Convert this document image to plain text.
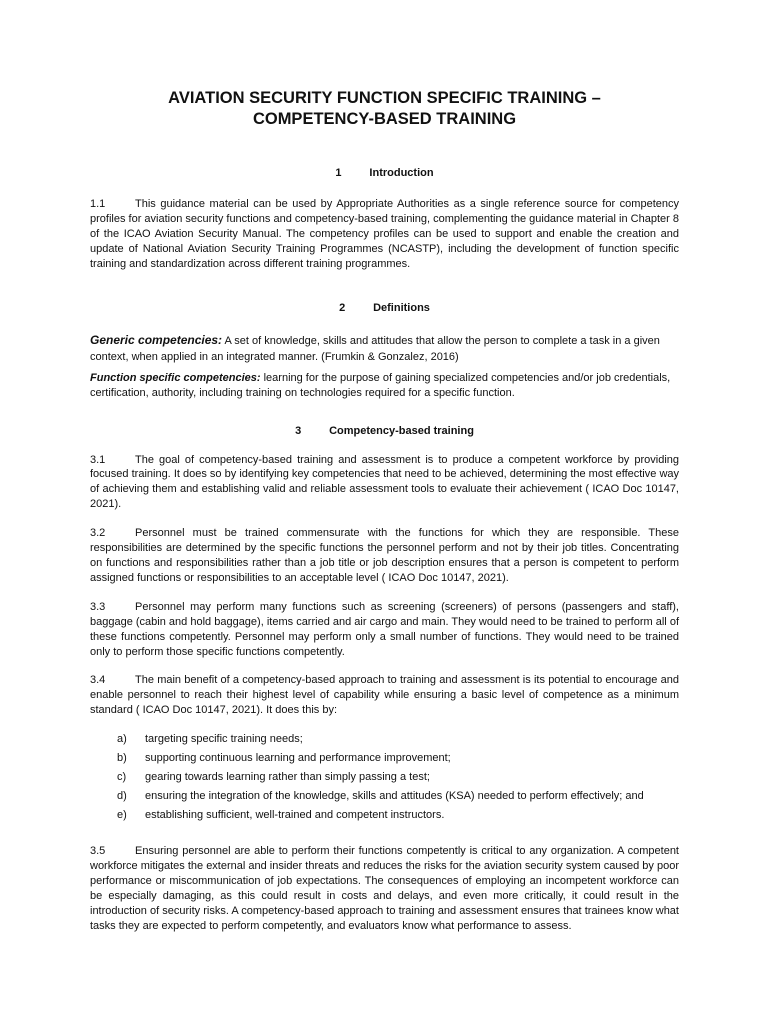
AVIATION SECURITY FUNCTION SPECIFIC TRAINING –
COMPETENCY-BASED TRAINING
1	Introduction

1.1	This guidance material can be used by Appropriate Authorities as a single reference source for competency profiles for aviation security functions and competency-based training, complementing the guidance material in Chapter 8 of the ICAO Aviation Security Manual. The competency profiles can be used to support and enable the creation and update of National Aviation Security Training Programmes (NCASTP), including the development of function specific training and standardization across different training programmes.

2	Definitions

Generic competencies: A set of knowledge, skills and attitudes that allow the person to complete a task in a given context, when applied in an integrated manner. (Frumkin & Gonzalez, 2016)

Function specific competencies: learning for the purpose of gaining specialized competencies and/or job credentials, certification, authority, including training on technologies required for a specific function.

3	Competency-based training

3.1	The goal of competency-based training and assessment is to produce a competent workforce by providing focused training. It does so by identifying key competencies that need to be achieved, determining the most effective way of achieving them and establishing valid and reliable assessment tools to evaluate their achievement ( ICAO Doc 10147, 2021).

3.2	Personnel must be trained commensurate with the functions for which they are responsible. These responsibilities are determined by the specific functions the personnel perform and not by their job titles. Concentrating on functions and responsibilities rather than a job title or job description ensures that a person is competent to perform assigned functions or responsibilities to an acceptable level ( ICAO Doc 10147, 2021).

3.3	Personnel may perform many functions such as screening (screeners) of persons (passengers and staff), baggage (cabin and hold baggage), items carried and air cargo and main. They would need to be trained to perform all of these functions competently. Personnel may perform only a small number of functions. They would need to be trained only to perform those specific functions competently.

3.4	The main benefit of a competency-based approach to training and assessment is its potential to encourage and enable personnel to reach their highest level of capability while ensuring a basic level of competence as a minimum standard ( ICAO Doc 10147, 2021). It does this by:

a) targeting specific training needs;
b) supporting continuous learning and performance improvement;
c) gearing towards learning rather than simply passing a test;
d) ensuring the integration of the knowledge, skills and attitudes (KSA) needed to perform effectively; and
e) establishing sufficient, well-trained and competent instructors.

3.5	Ensuring personnel are able to perform their functions competently is critical to any organization. A competent workforce mitigates the external and insider threats and reduces the risks for the aviation security system caused by poor performance or miscommunication of job expectations. The consequences of employing an incompetent workforce can be especially damaging, as this could result in costs and delays, and even more critically, it could result in the introduction of security risks. A competency-based approach to training and assessment ensures that trainees know what tasks they are expected to perform competently, and evaluators know what performance to assess.
